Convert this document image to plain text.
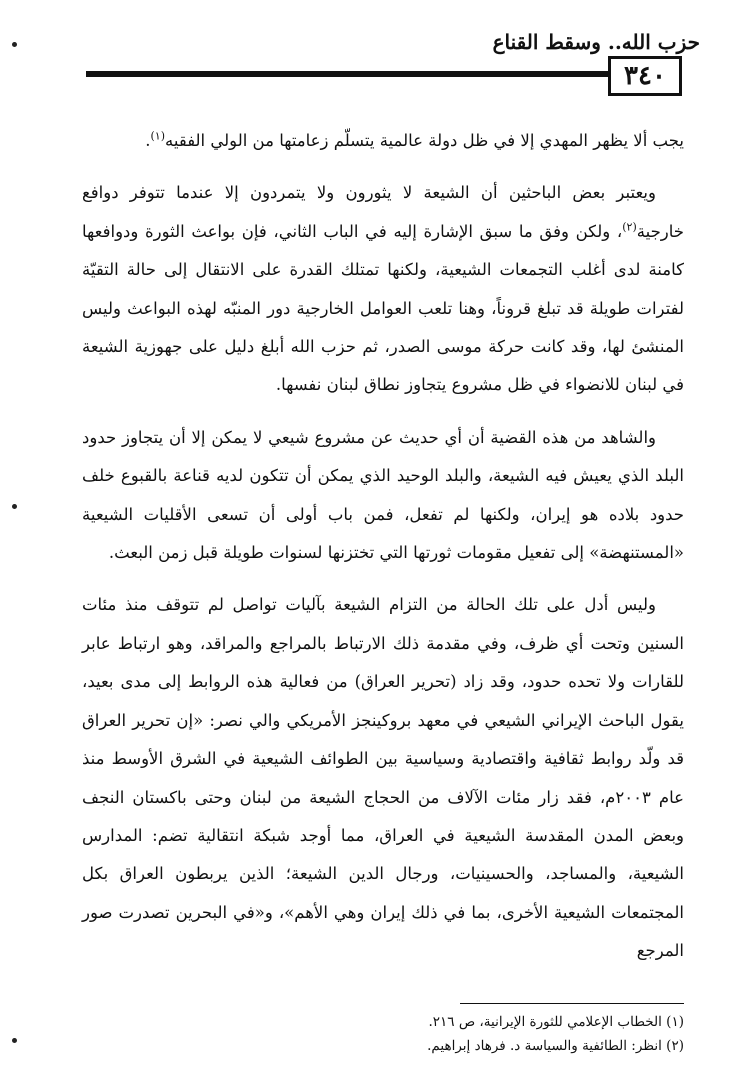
حزب الله.. وسقط القناع
٣٤٠

يجب ألا يظهر المهدي إلا في ظل دولة عالمية يتسلّم زعامتها من الولي الفقيه$^{(١)}$.

ويعتبر بعض الباحثين أن الشيعة لا يثورون ولا يتمردون إلا عندما تتوفر دوافع خارجية$^{(٢)}$، ولكن وفق ما سبق الإشارة إليه في الباب الثاني، فإن بواعث الثورة ودوافعها كامنة لدى أغلب التجمعات الشيعية، ولكنها تمتلك القدرة على الانتقال إلى حالة التقيّة لفترات طويلة قد تبلغ قروناً، وهنا تلعب العوامل الخارجية دور المنبّه لهذه البواعث وليس المنشئ لها، وقد كانت حركة موسى الصدر، ثم حزب الله أبلغ دليل على جهوزية الشيعة في لبنان للانضواء في ظل مشروع يتجاوز نطاق لبنان نفسها.

والشاهد من هذه القضية أن أي حديث عن مشروع شيعي لا يمكن إلا أن يتجاوز حدود البلد الذي يعيش فيه الشيعة، والبلد الوحيد الذي يمكن أن تتكون لديه قناعة بالقبوع خلف حدود بلاده هو إيران، ولكنها لم تفعل، فمن باب أولى أن تسعى الأقليات الشيعية «المستنهضة» إلى تفعيل مقومات ثورتها التي تختزنها لسنوات طويلة قبل زمن البعث.

وليس أدل على تلك الحالة من التزام الشيعة بآليات تواصل لم تتوقف منذ مئات السنين وتحت أي ظرف، وفي مقدمة ذلك الارتباط بالمراجع والمراقد، وهو ارتباط عابر للقارات ولا تحده حدود، وقد زاد (تحرير العراق) من فعالية هذه الروابط إلى مدى بعيد، يقول الباحث الإيراني الشيعي في معهد بروكينجز الأمريكي والي نصر: «إن تحرير العراق قد ولّد روابط ثقافية واقتصادية وسياسية بين الطوائف الشيعية في الشرق الأوسط منذ عام ٢٠٠٣م، فقد زار مئات الآلاف من الحجاج الشيعة من لبنان وحتى باكستان النجف وبعض المدن المقدسة الشيعية في العراق، مما أوجد شبكة انتقالية تضم: المدارس الشيعية، والمساجد، والحسينيات، ورجال الدين الشيعة؛ الذين يربطون العراق بكل المجتمعات الشيعية الأخرى، بما في ذلك إيران وهي الأهم»، و«في البحرين تصدرت صور المرجع

(١) الخطاب الإعلامي للثورة الإيرانية، ص ٢١٦.

(٢) انظر: الطائفية والسياسة د. فرهاد إبراهيم.
